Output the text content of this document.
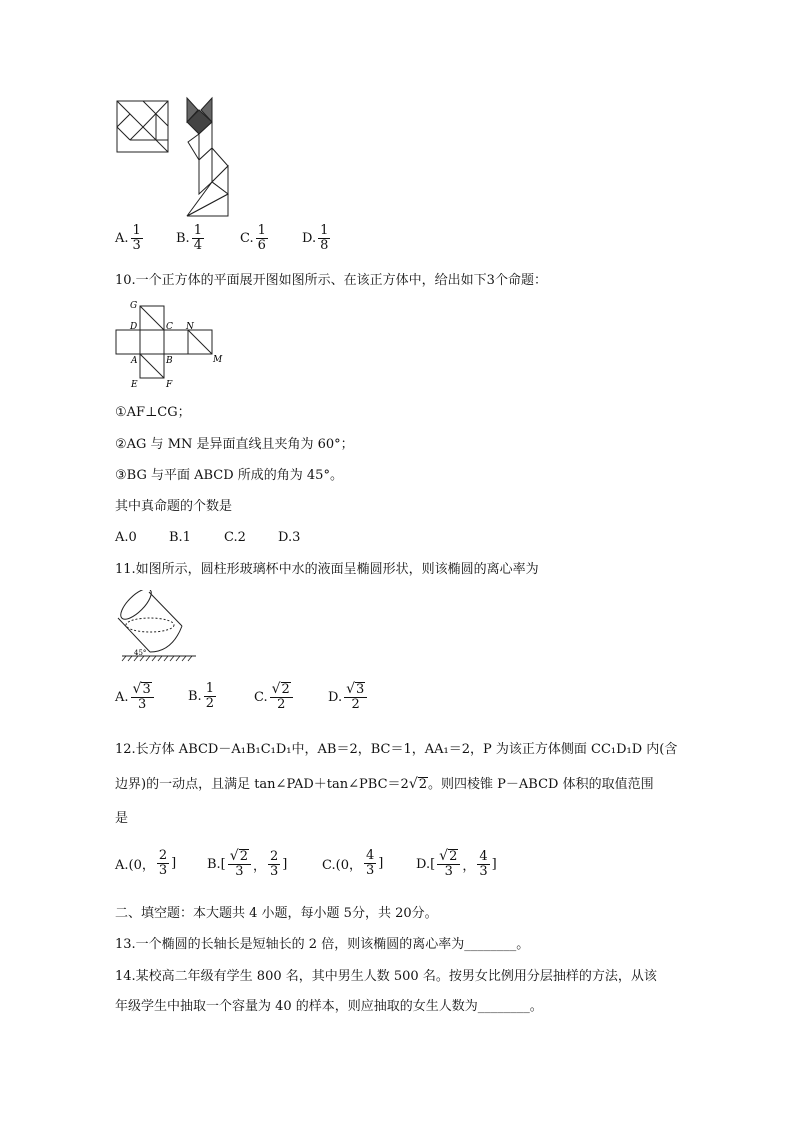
A. $\frac{1}{3}$	B. $\frac{1}{4}$	C. $\frac{1}{6}$	D. $\frac{1}{8}$
10.一个正方体的平面展开图如图所示、在该正方体中，给出如下3个命题：
G
D	C N
A	B	M
E	F
①AF⊥CG；
②AG 与 MN 是异面直线且夹角为 60°；
③BG 与平面 ABCD 所成的角为 45°。
其中真命题的个数是
A.0 B.1	C.2 D.3
11.如图所示，圆柱形玻璃杯中水的液面呈椭圆形状，则该椭圆的离心率为
45°
A. $\frac{√ 3}{3}$	B. $\frac{1}{2}$	C. $\frac{√ 2}{2}$	D. $\frac{√ 3}{2}$
12.长方体 ABCD－A₁B₁C₁D₁中，AB＝2，BC＝1，AA₁＝2，P 为该正方体侧面 CC₁D₁D 内(含
边界)的一动点，且满足 tan∠PAD＋tan∠PBC＝2 √ 2 。则四棱锥 P－ABCD 体积的取值范围
是
A.(0， $\frac{2}{3}$ ] $B.[ \frac{√ 2}{3}$ ， $\frac{2}{3}$ ]	C.(0， $\frac{4}{3}$ ]	$D.[ \frac{√ 2}{3}$ ， $\frac{4}{3}$ ]
二、填空题：本大题共 4 小题，每小题 5分，共 20分。
13.一个椭圆的长轴长是短轴长的 2 倍，则该椭圆的离心率为________。
14.某校高二年级有学生 800 名，其中男生人数 500 名。按男女比例用分层抽样的方法，从该
年级学生中抽取一个容量为 40 的样本，则应抽取的女生人数为________。
